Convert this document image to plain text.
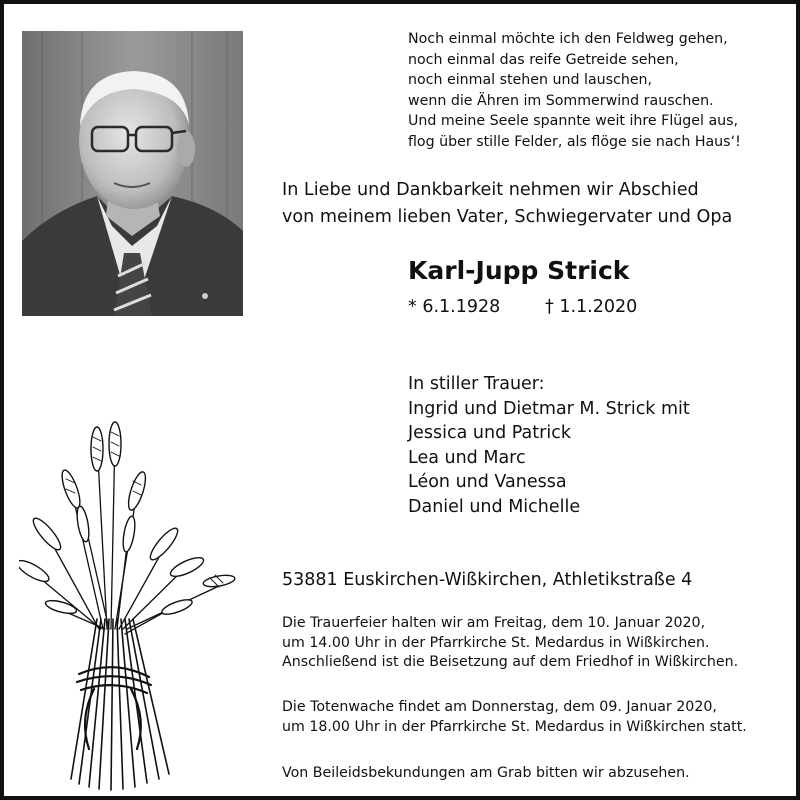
Noch einmal möchte ich den Feldweg gehen,
noch einmal das reife Getreide sehen,
noch einmal stehen und lauschen,
wenn die Ähren im Sommerwind rauschen.
Und meine Seele spannte weit ihre Flügel aus,
flog über stille Felder, als flöge sie nach Haus‘!
In Liebe und Dankbarkeit nehmen wir Abschied
von meinem lieben Vater, Schwiegervater und Opa
Karl-Jupp Strick
* 6.1.1928	† 1.1.2020
In stiller Trauer:
Ingrid und Dietmar M. Strick mit
Jessica und Patrick
Lea und Marc
Léon und Vanessa
Daniel und Michelle
53881 Euskirchen-Wißkirchen, Athletikstraße 4
Die Trauerfeier halten wir am Freitag, dem 10. Januar 2020,
um 14.00 Uhr in der Pfarrkirche St. Medardus in Wißkirchen.
Anschließend ist die Beisetzung auf dem Friedhof in Wißkirchen.
Die Totenwache findet am Donnerstag, dem 09. Januar 2020,
um 18.00 Uhr in der Pfarrkirche St. Medardus in Wißkirchen statt.
Von Beileidsbekundungen am Grab bitten wir abzusehen.
